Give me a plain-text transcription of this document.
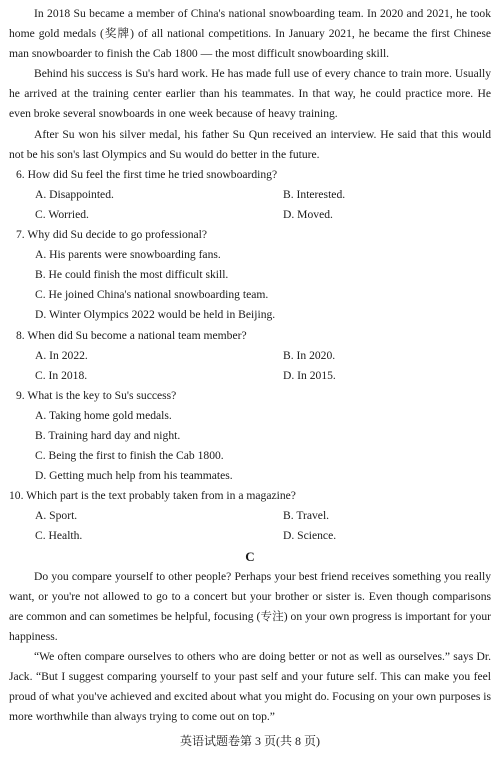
In 2018 Su became a member of China's national snowboarding team. In 2020 and 2021, he took home gold medals (奖牌) of all national competitions. In January 2021, he became the first Chinese man snowboarder to finish the Cab 1800 — the most difficult snowboarding skill.

Behind his success is Su's hard work. He has made full use of every chance to train more. Usually he arrived at the training center earlier than his teammates. In that way, he could practice more. He even broke several snowboards in one week because of heavy training.

After Su won his silver medal, his father Su Qun received an interview. He said that this would not be his son's last Olympics and Su would do better in the future.

6. How did Su feel the first time he tried snowboarding?

A. Disappointed.	B. Interested.
C. Worried.	D. Moved.

7. Why did Su decide to go professional?

A. His parents were snowboarding fans.
B. He could finish the most difficult skill.
C. He joined China's national snowboarding team.
D. Winter Olympics 2022 would be held in Beijing.

8. When did Su become a national team member?

A. In 2022.	B. In 2020.
C. In 2018.	D. In 2015.

9. What is the key to Su's success?

A. Taking home gold medals.
B. Training hard day and night.
C. Being the first to finish the Cab 1800.
D. Getting much help from his teammates.

10. Which part is the text probably taken from in a magazine?

A. Sport.	B. Travel.
C. Health.	D. Science.
C

Do you compare yourself to other people? Perhaps your best friend receives something you really want, or you're not allowed to go to a concert but your brother or sister is. Even though comparisons are common and can sometimes be helpful, focusing (专注) on your own progress is important for your happiness.

“We often compare ourselves to others who are doing better or not as well as ourselves.” says Dr. Jack. “But I suggest comparing yourself to your past self and your future self. This can make you feel proud of what you've achieved and excited about what you might do. Focusing on your own purposes is more worthwhile than always trying to come out on top.”

英语试题卷第 3 页(共 8 页)
